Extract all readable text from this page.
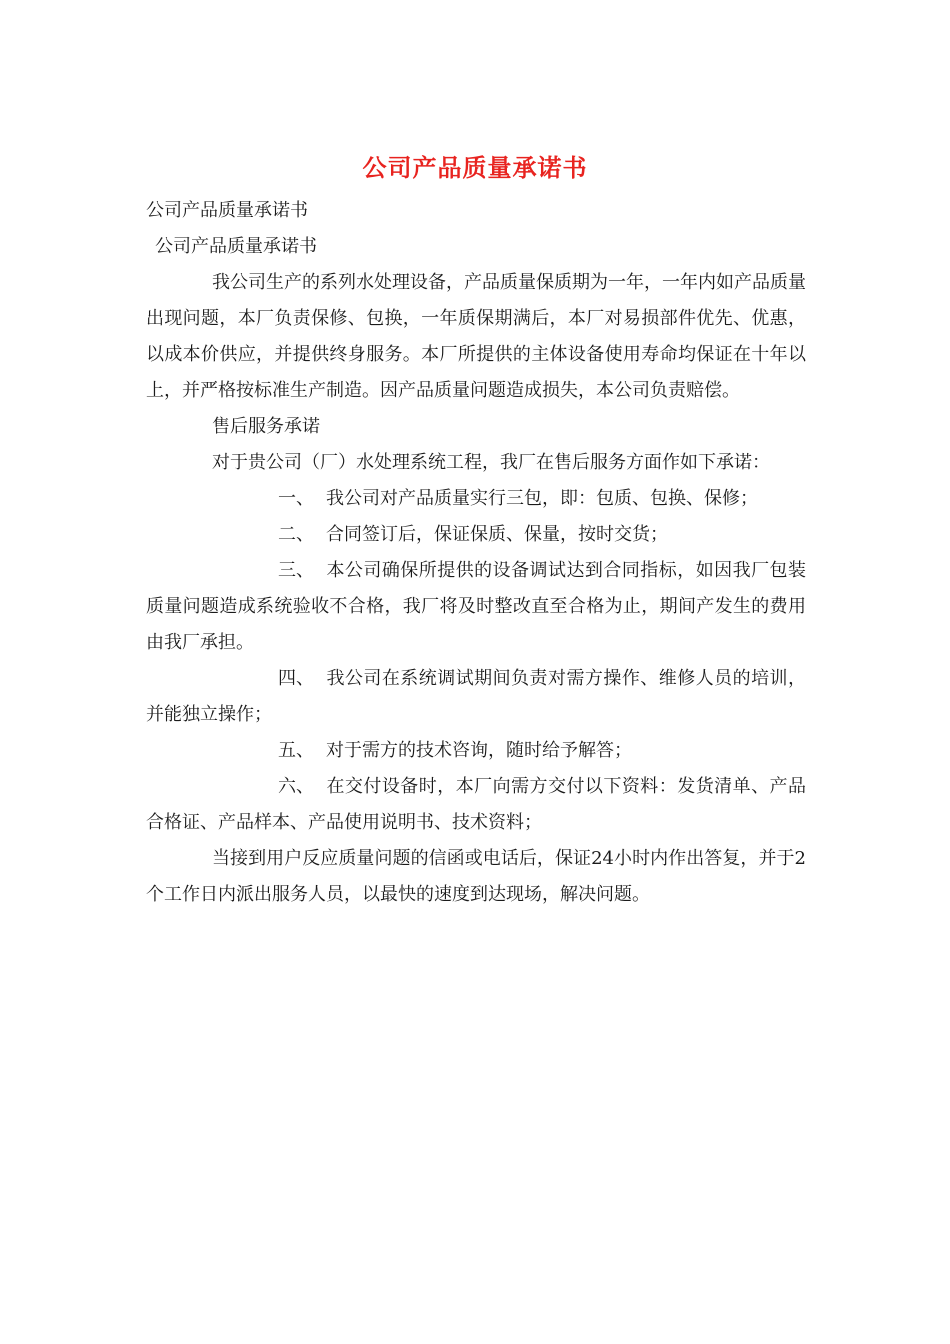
公司产品质量承诺书
公司产品质量承诺书
公司产品质量承诺书

我公司生产的系列水处理设备，产品质量保质期为一年，一年内如产品质量出现问题，本厂负责保修、包换，一年质保期满后，本厂对易损部件优先、优惠，以成本价供应，并提供终身服务。本厂所提供的主体设备使用寿命均保证在十年以上，并严格按标准生产制造。因产品质量问题造成损失，本公司负责赔偿。

售后服务承诺

对于贵公司（厂）水处理系统工程，我厂在售后服务方面作如下承诺：

一、 我公司对产品质量实行三包，即：包质、包换、保修；

二、 合同签订后，保证保质、保量，按时交货；

三、 本公司确保所提供的设备调试达到合同指标，如因我厂包装质量问题造成系统验收不合格，我厂将及时整改直至合格为止，期间产发生的费用由我厂承担。

四、 我公司在系统调试期间负责对需方操作、维修人员的培训，并能独立操作；

五、 对于需方的技术咨询，随时给予解答；

六、 在交付设备时，本厂向需方交付以下资料：发货清单、产品合格证、产品样本、产品使用说明书、技术资料；

当接到用户反应质量问题的信函或电话后，保证24小时内作出答复，并于2个工作日内派出服务人员，以最快的速度到达现场，解决问题。
